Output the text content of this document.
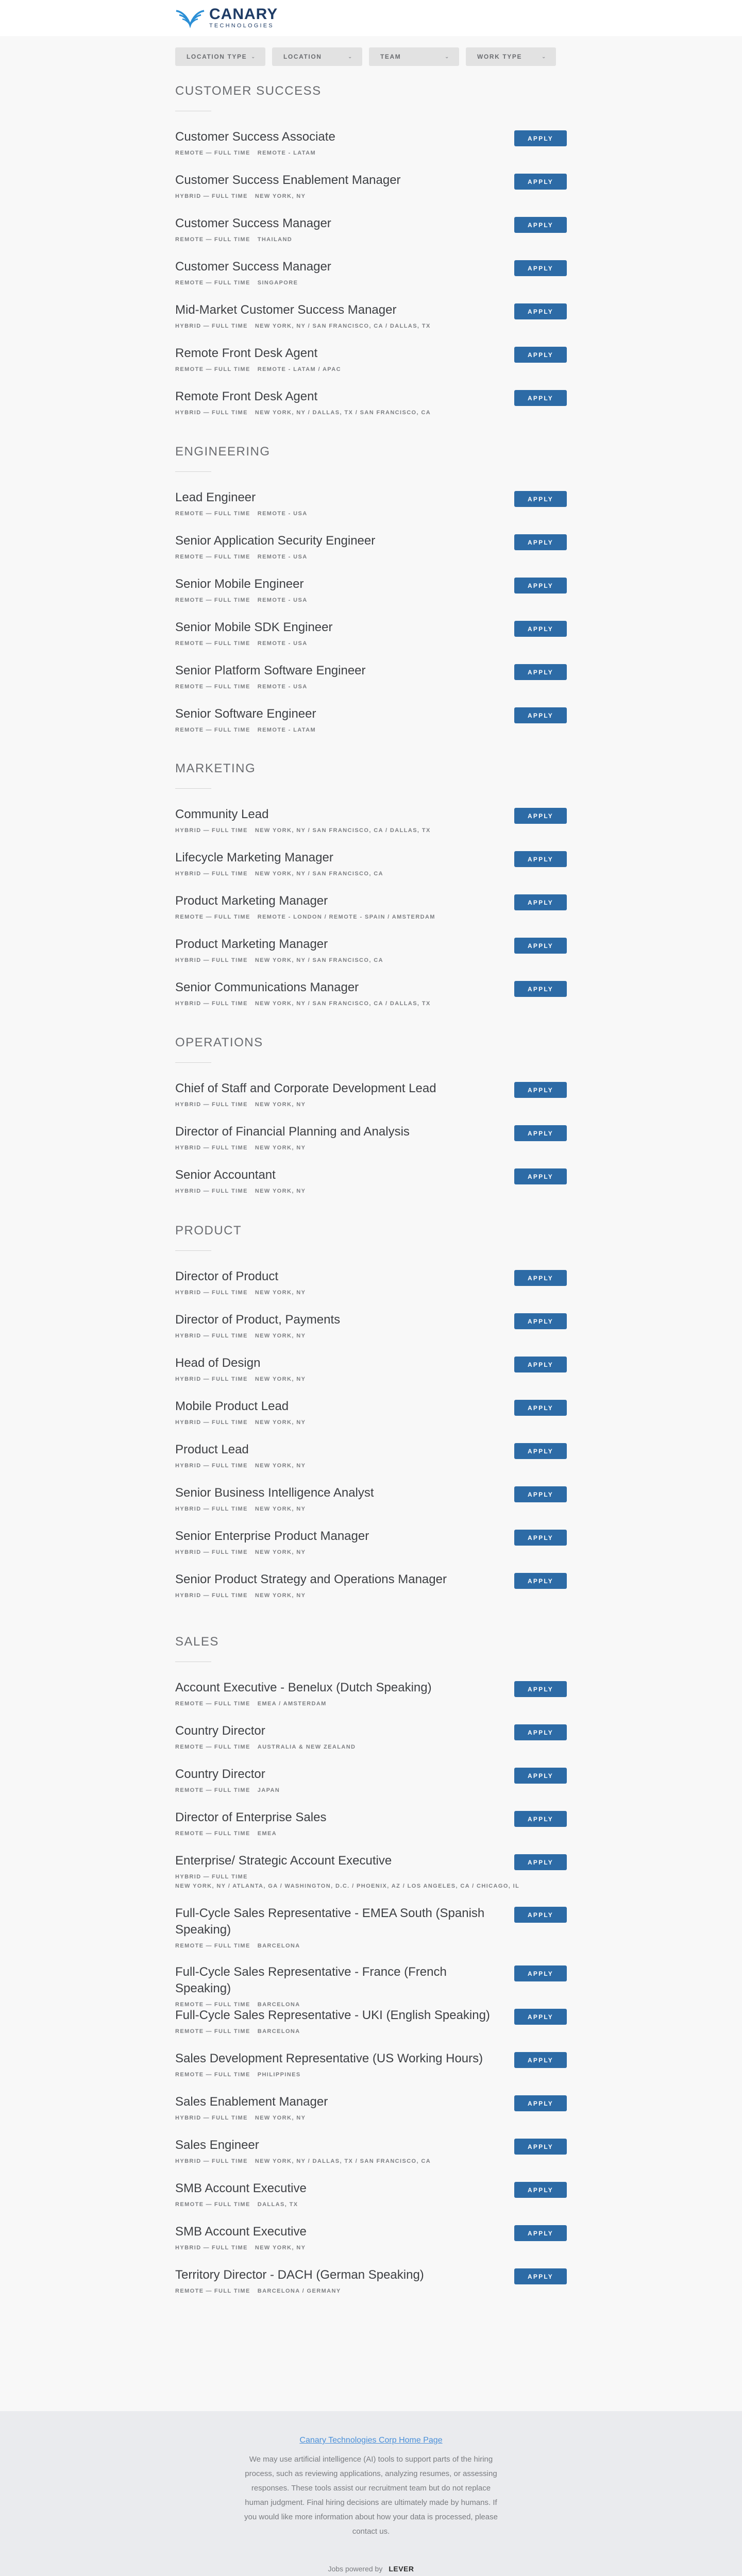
CANARY
TECHNOLOGIES
LOCATION TYPE ⌄	LOCATION	⌄	TEAM	⌄	WORK TYPE	⌄
CUSTOMER SUCCESS
Customer Success Associate
REMOTE — FULL TIME REMOTE - LATAM
APPLY
Customer Success Enablement Manager
HYBRID — FULL TIME NEW YORK, NY
APPLY
Customer Success Manager
REMOTE — FULL TIME THAILAND
APPLY
Customer Success Manager
REMOTE — FULL TIME SINGAPORE
APPLY
Mid-Market Customer Success Manager
HYBRID — FULL TIME NEW YORK, NY / SAN FRANCISCO, CA / DALLAS, TX
APPLY
Remote Front Desk Agent
REMOTE — FULL TIME REMOTE - LATAM / APAC
APPLY
Remote Front Desk Agent
HYBRID — FULL TIME NEW YORK, NY / DALLAS, TX / SAN FRANCISCO, CA
APPLY
ENGINEERING
Lead Engineer
REMOTE — FULL TIME REMOTE - USA
APPLY
Senior Application Security Engineer
REMOTE — FULL TIME REMOTE - USA
APPLY
Senior Mobile Engineer
REMOTE — FULL TIME REMOTE - USA
APPLY
Senior Mobile SDK Engineer
REMOTE — FULL TIME REMOTE - USA
APPLY
Senior Platform Software Engineer
REMOTE — FULL TIME REMOTE - USA
APPLY
Senior Software Engineer
REMOTE — FULL TIME REMOTE - LATAM
APPLY
MARKETING
Community Lead
HYBRID — FULL TIME NEW YORK, NY / SAN FRANCISCO, CA / DALLAS, TX
APPLY
Lifecycle Marketing Manager
HYBRID — FULL TIME NEW YORK, NY / SAN FRANCISCO, CA
APPLY
Product Marketing Manager
REMOTE — FULL TIME REMOTE - LONDON / REMOTE - SPAIN / AMSTERDAM
APPLY
Product Marketing Manager
HYBRID — FULL TIME NEW YORK, NY / SAN FRANCISCO, CA
APPLY
Senior Communications Manager
HYBRID — FULL TIME NEW YORK, NY / SAN FRANCISCO, CA / DALLAS, TX
APPLY
OPERATIONS
Chief of Staff and Corporate Development Lead
HYBRID — FULL TIME NEW YORK, NY
APPLY
Director of Financial Planning and Analysis
HYBRID — FULL TIME NEW YORK, NY
APPLY
Senior Accountant
HYBRID — FULL TIME NEW YORK, NY
APPLY
PRODUCT
Director of Product
HYBRID — FULL TIME NEW YORK, NY
APPLY
Director of Product, Payments
HYBRID — FULL TIME NEW YORK, NY
APPLY
Head of Design
HYBRID — FULL TIME NEW YORK, NY
APPLY
Mobile Product Lead
HYBRID — FULL TIME NEW YORK, NY
APPLY
Product Lead
HYBRID — FULL TIME NEW YORK, NY
APPLY
Senior Business Intelligence Analyst
HYBRID — FULL TIME NEW YORK, NY
APPLY
Senior Enterprise Product Manager
HYBRID — FULL TIME NEW YORK, NY
APPLY
Senior Product Strategy and Operations Manager
HYBRID — FULL TIME NEW YORK, NY
APPLY
SALES
Account Executive - Benelux (Dutch Speaking)
REMOTE — FULL TIME EMEA / AMSTERDAM
APPLY
Country Director
REMOTE — FULL TIME AUSTRALIA & NEW ZEALAND
APPLY
Country Director
REMOTE — FULL TIME JAPAN
APPLY
Director of Enterprise Sales
REMOTE — FULL TIME EMEA
APPLY
Enterprise/ Strategic Account Executive
HYBRID — FULL TIME
NEW YORK, NY / ATLANTA, GA / WASHINGTON, D.C. / PHOENIX, AZ / LOS ANGELES, CA / CHICAGO, IL
APPLY
Full-Cycle Sales Representative - EMEA South (Spanish Speaking)
REMOTE — FULL TIME BARCELONA
APPLY
Full-Cycle Sales Representative - France (French Speaking)
REMOTE — FULL TIME BARCELONA
APPLY
Full-Cycle Sales Representative - UKI (English Speaking)
REMOTE — FULL TIME BARCELONA
APPLY
Sales Development Representative (US Working Hours)
REMOTE — FULL TIME PHILIPPINES
APPLY
Sales Enablement Manager
HYBRID — FULL TIME NEW YORK, NY
APPLY
Sales Engineer
HYBRID — FULL TIME NEW YORK, NY / DALLAS, TX / SAN FRANCISCO, CA
APPLY
SMB Account Executive
REMOTE — FULL TIME DALLAS, TX
APPLY
SMB Account Executive
HYBRID — FULL TIME NEW YORK, NY
APPLY
Territory Director - DACH (German Speaking)
REMOTE — FULL TIME BARCELONA / GERMANY
APPLY
Canary Technologies Corp Home Page

We may use artificial intelligence (AI) tools to support parts of the hiring process, such as reviewing applications, analyzing resumes, or assessing responses. These tools assist our recruitment team but do not replace human judgment. Final hiring decisions are ultimately made by humans. If you would like more information about how your data is processed, please contact us.

Jobs powered by LEVER
